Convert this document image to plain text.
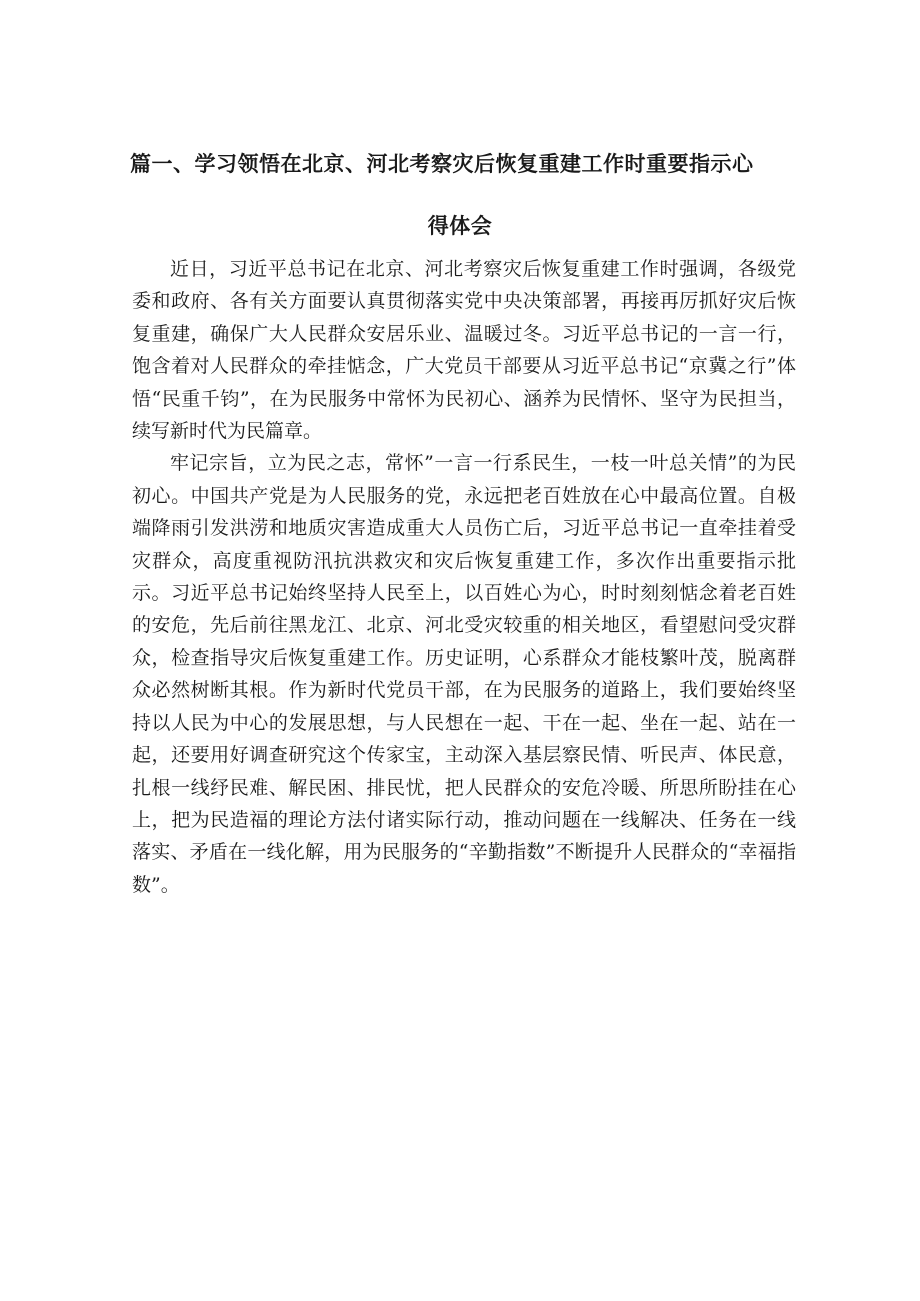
篇一、学习领悟在北京、河北考察灾后恢复重建工作时重要指示心
得体会

近日，习近平总书记在北京、河北考察灾后恢复重建工作时强调，各级党委和政府、各有关方面要认真贯彻落实党中央决策部署，再接再厉抓好灾后恢复重建，确保广大人民群众安居乐业、温暖过冬。习近平总书记的一言一行，饱含着对人民群众的牵挂惦念，广大党员干部要从习近平总书记“京冀之行”体悟“民重千钧”，在为民服务中常怀为民初心、涵养为民情怀、坚守为民担当，续写新时代为民篇章。

牢记宗旨，立为民之志，常怀”一言一行系民生，一枝一叶总关情”的为民初心。中国共产党是为人民服务的党，永远把老百姓放在心中最高位置。自极端降雨引发洪涝和地质灾害造成重大人员伤亡后，习近平总书记一直牵挂着受灾群众，高度重视防汛抗洪救灾和灾后恢复重建工作，多次作出重要指示批示。习近平总书记始终坚持人民至上，以百姓心为心，时时刻刻惦念着老百姓的安危，先后前往黑龙江、北京、河北受灾较重的相关地区，看望慰问受灾群众，检查指导灾后恢复重建工作。历史证明，心系群众才能枝繁叶茂，脱离群众必然树断其根。作为新时代党员干部，在为民服务的道路上，我们要始终坚持以人民为中心的发展思想，与人民想在一起、干在一起、坐在一起、站在一起，还要用好调查研究这个传家宝，主动深入基层察民情、听民声、体民意，扎根一线纾民难、解民困、排民忧，把人民群众的安危冷暖、所思所盼挂在心上，把为民造福的理论方法付诸实际行动，推动问题在一线解决、任务在一线落实、矛盾在一线化解，用为民服务的“辛勤指数”不断提升人民群众的“幸福指数”。
